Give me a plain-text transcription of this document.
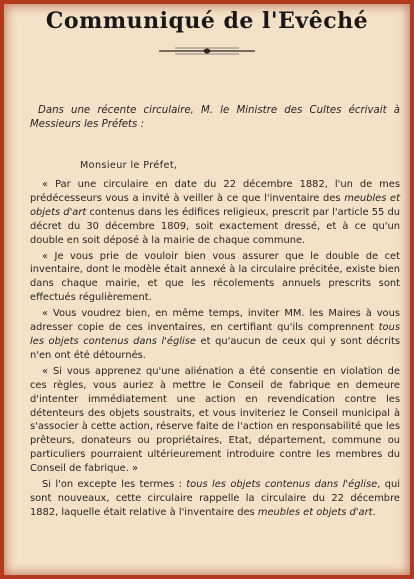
Communiqué de l'Evêché
Dans une récente circulaire, M. le Ministre des Cultes écrivait à Messieurs les Préfets :
Monsieur le Préfet,

« Par une circulaire en date du 22 décembre 1882, l'un de mes prédécesseurs vous a invité à veiller à ce que l'inventaire des meubles et objets d'art contenus dans les édifices religieux, prescrit par l'article 55 du décret du 30 décembre 1809, soit exactement dressé, et à ce qu'un double en soit déposé à la mairie de chaque commune.

« Je vous prie de vouloir bien vous assurer que le double de cet inventaire, dont le modèle était annexé à la circulaire précitée, existe bien dans chaque mairie, et que les récolements annuels prescrits sont effectués régulièrement.

« Vous voudrez bien, en même temps, inviter MM. les Maires à vous adresser copie de ces inventaires, en certifiant qu'ils comprennent tous les objets contenus dans l'église et qu'aucun de ceux qui y sont décrits n'en ont été détournés.

« Si vous apprenez qu'une aliénation a été consentie en violation de ces règles, vous auriez à mettre le Conseil de fabrique en demeure d'intenter immédiatement une action en revendication contre les détenteurs des objets soustraits, et vous inviteriez le Conseil municipal à s'associer à cette action, réserve faite de l'action en responsabilité que les prêteurs, donateurs ou propriétaires, Etat, département, commune ou particuliers pourraient ultérieurement introduire contre les membres du Conseil de fabrique. »

Si l'on excepte les termes : tous les objets contenus dans l'église, qui sont nouveaux, cette circulaire rappelle la circulaire du 22 décembre 1882, laquelle était relative à l'inventaire des meubles et objets d'art.
